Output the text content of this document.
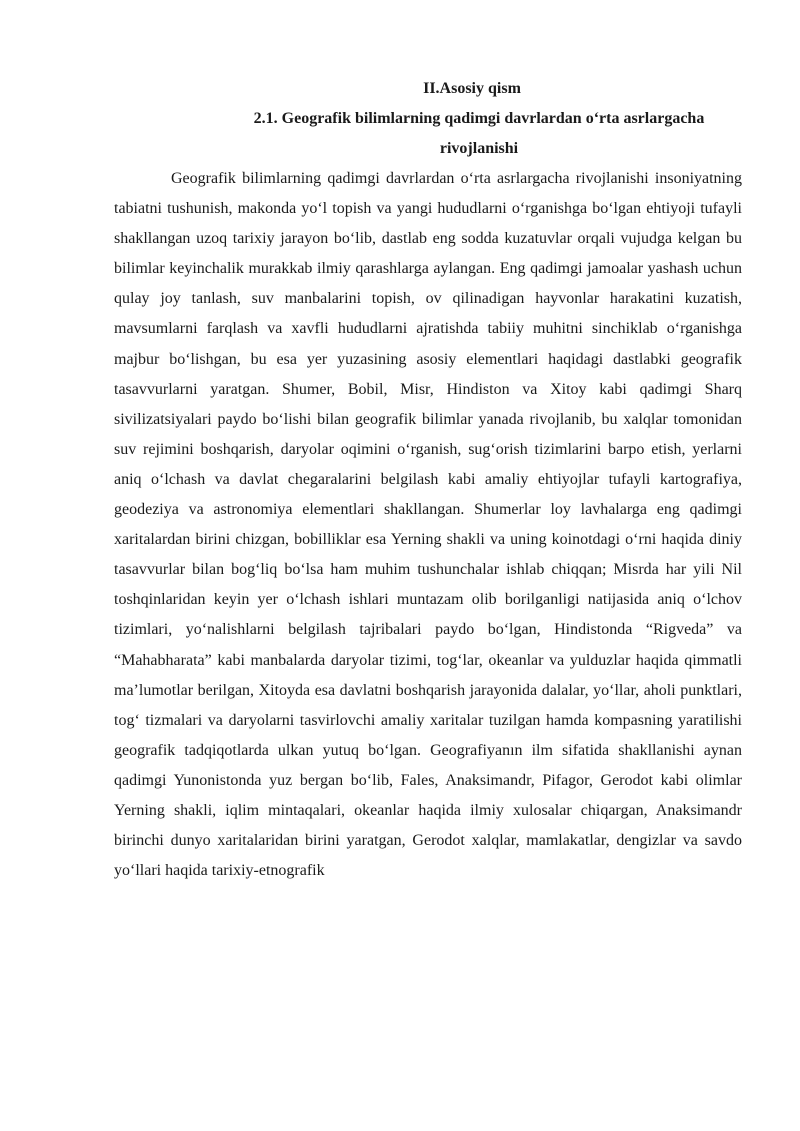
II.Asosiy qism

2.1. Geografik bilimlarning qadimgi davrlardan o‘rta asrlargacha rivojlanishi

Geografik bilimlarning qadimgi davrlardan o‘rta asrlargacha rivojlanishi insoniyatning tabiatni tushunish, makonda yo‘l topish va yangi hududlarni o‘rganishga bo‘lgan ehtiyoji tufayli shakllangan uzoq tarixiy jarayon bo‘lib, dastlab eng sodda kuzatuvlar orqali vujudga kelgan bu bilimlar keyinchalik murakkab ilmiy qarashlarga aylangan. Eng qadimgi jamoalar yashash uchun qulay joy tanlash, suv manbalarini topish, ov qilinadigan hayvonlar harakatini kuzatish, mavsumlarni farqlash va xavfli hududlarni ajratishda tabiiy muhitni sinchiklab o‘rganishga majbur bo‘lishgan, bu esa yer yuzasining asosiy elementlari haqidagi dastlabki geografik tasavvurlarni yaratgan. Shumer, Bobil, Misr, Hindiston va Xitoy kabi qadimgi Sharq sivilizatsiyalari paydo bo‘lishi bilan geografik bilimlar yanada rivojlanib, bu xalqlar tomonidan suv rejimini boshqarish, daryolar oqimini o‘rganish, sug‘orish tizimlarini barpo etish, yerlarni aniq o‘lchash va davlat chegaralarini belgilash kabi amaliy ehtiyojlar tufayli kartografiya, geodeziya va astronomiya elementlari shakllangan. Shumerlar loy lavhalarga eng qadimgi xaritalardan birini chizgan, bobilliklar esa Yerning shakli va uning koinotdagi o‘rni haqida diniy tasavvurlar bilan bog‘liq bo‘lsa ham muhim tushunchalar ishlab chiqqan; Misrda har yili Nil toshqinlaridan keyin yer o‘lchash ishlari muntazam olib borilganligi natijasida aniq o‘lchov tizimlari, yo‘nalishlarni belgilash tajribalari paydo bo‘lgan, Hindistonda “Rigveda” va “Mahabharata” kabi manbalarda daryolar tizimi, tog‘lar, okeanlar va yulduzlar haqida qimmatli ma’lumotlar berilgan, Xitoyda esa davlatni boshqarish jarayonida dalalar, yo‘llar, aholi punktlari, tog‘ tizmalari va daryolarni tasvirlovchi amaliy xaritalar tuzilgan hamda kompasning yaratilishi geografik tadqiqotlarda ulkan yutuq bo‘lgan. Geografiyanın ilm sifatida shakllanishi aynan qadimgi Yunonistonda yuz bergan bo‘lib, Fales, Anaksimandr, Pifagor, Gerodot kabi olimlar Yerning shakli, iqlim mintaqalari, okeanlar haqida ilmiy xulosalar chiqargan, Anaksimandr birinchi dunyo xaritalaridan birini yaratgan, Gerodot xalqlar, mamlakatlar, dengizlar va savdo yo‘llari haqida tarixiy-etnografik
